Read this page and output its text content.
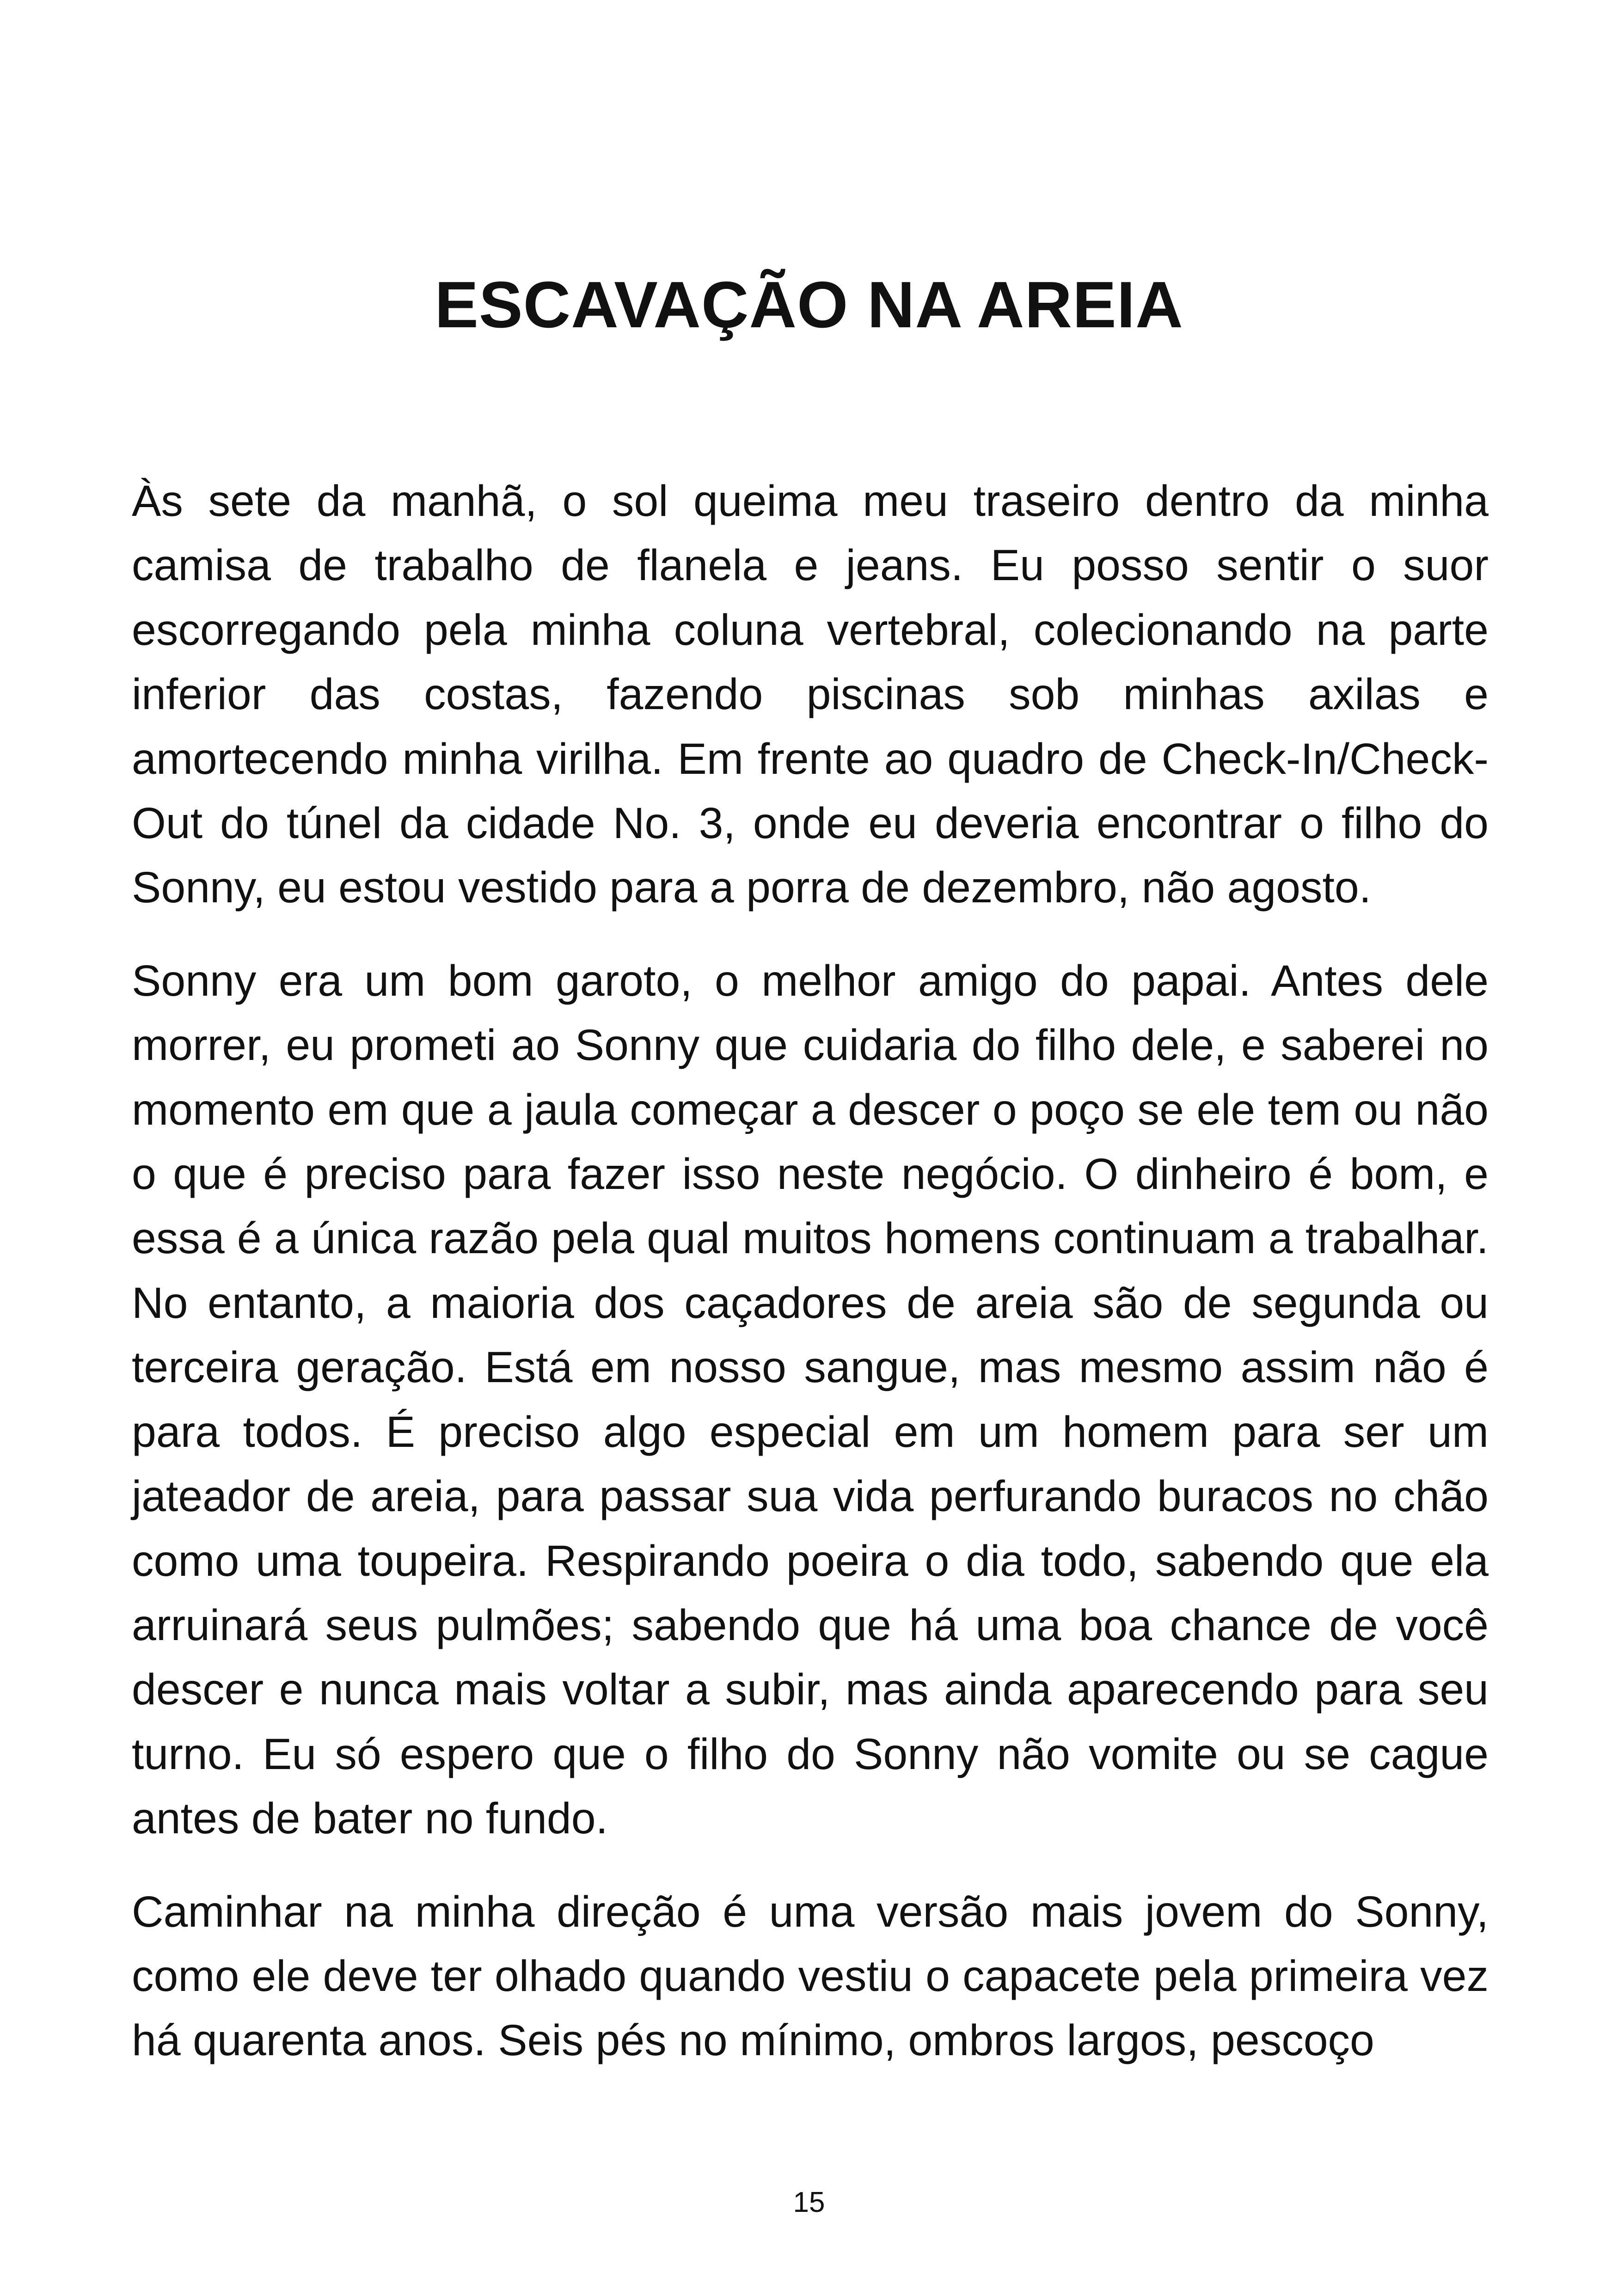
ESCAVAÇÃO NA AREIA

Às sete da manhã, o sol queima meu traseiro dentro da minha camisa de trabalho de flanela e jeans. Eu posso sentir o suor escorregando pela minha coluna vertebral, colecionando na parte inferior das costas, fazendo piscinas sob minhas axilas e amortecendo minha virilha. Em frente ao quadro de Check-In/Check-Out do túnel da cidade No. 3, onde eu deveria encontrar o filho do Sonny, eu estou vestido para a porra de dezembro, não agosto.

Sonny era um bom garoto, o melhor amigo do papai. Antes dele morrer, eu prometi ao Sonny que cuidaria do filho dele, e saberei no momento em que a jaula começar a descer o poço se ele tem ou não o que é preciso para fazer isso neste negócio. O dinheiro é bom, e essa é a única razão pela qual muitos homens continuam a trabalhar. No entanto, a maioria dos caçadores de areia são de segunda ou terceira geração. Está em nosso sangue, mas mesmo assim não é para todos. É preciso algo especial em um homem para ser um jateador de areia, para passar sua vida perfurando buracos no chão como uma toupeira. Respirando poeira o dia todo, sabendo que ela arruinará seus pulmões; sabendo que há uma boa chance de você descer e nunca mais voltar a subir, mas ainda aparecendo para seu turno. Eu só espero que o filho do Sonny não vomite ou se cague antes de bater no fundo.

Caminhar na minha direção é uma versão mais jovem do Sonny, como ele deve ter olhado quando vestiu o capacete pela primeira vez há quarenta anos. Seis pés no mínimo, ombros largos, pescoço

15
